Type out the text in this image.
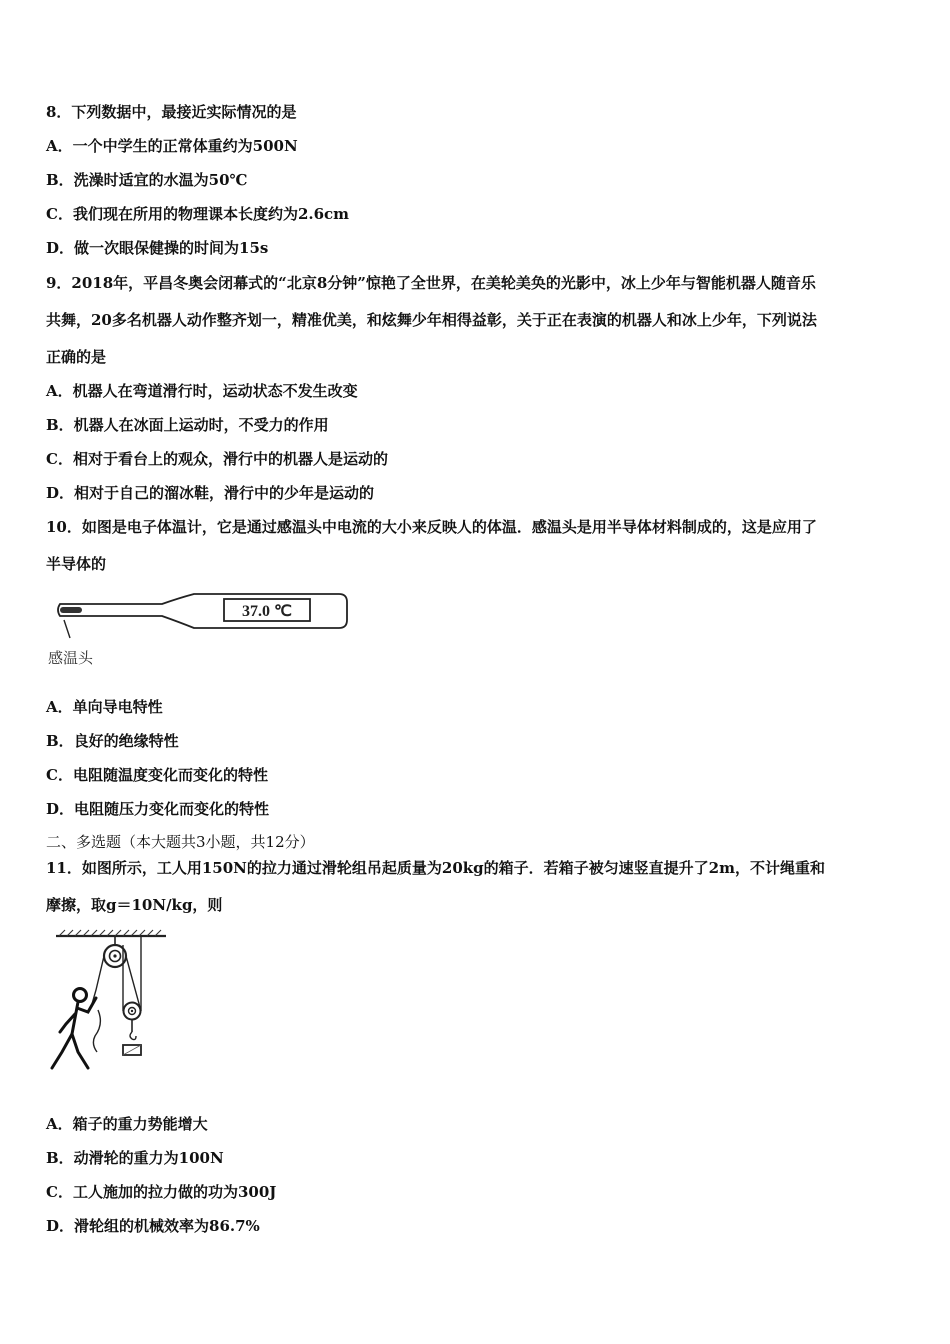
8．下列数据中，最接近实际情况的是
A．一个中学生的正常体重约为500N
B．洗澡时适宜的水温为50℃
C．我们现在所用的物理课本长度约为2.6cm
D．做一次眼保健操的时间为15s
9．2018年，平昌冬奥会闭幕式的“北京8分钟”惊艳了全世界，在美轮美奂的光影中，冰上少年与智能机器人随音乐
共舞，20多名机器人动作整齐划一，精准优美，和炫舞少年相得益彰，关于正在表演的机器人和冰上少年，下列说法
正确的是
A．机器人在弯道滑行时，运动状态不发生改变
B．机器人在冰面上运动时，不受力的作用
C．相对于看台上的观众，滑行中的机器人是运动的
D．相对于自己的溜冰鞋，滑行中的少年是运动的
10．如图是电子体温计，它是通过感温头中电流的大小来反映人的体温．感温头是用半导体材料制成的，这是应用了
半导体的
37.0 ℃
感温头
A．单向导电特性
B．良好的绝缘特性
C．电阻随温度变化而变化的特性
D．电阻随压力变化而变化的特性
二、多选题（本大题共3小题，共12分）
11．如图所示，工人用150N的拉力通过滑轮组吊起质量为20kg的箱子．若箱子被匀速竖直提升了2m，不计绳重和
摩擦，取g＝10N/kg，则
A．箱子的重力势能增大
B．动滑轮的重力为100N
C．工人施加的拉力做的功为300J
D．滑轮组的机械效率为86.7%
